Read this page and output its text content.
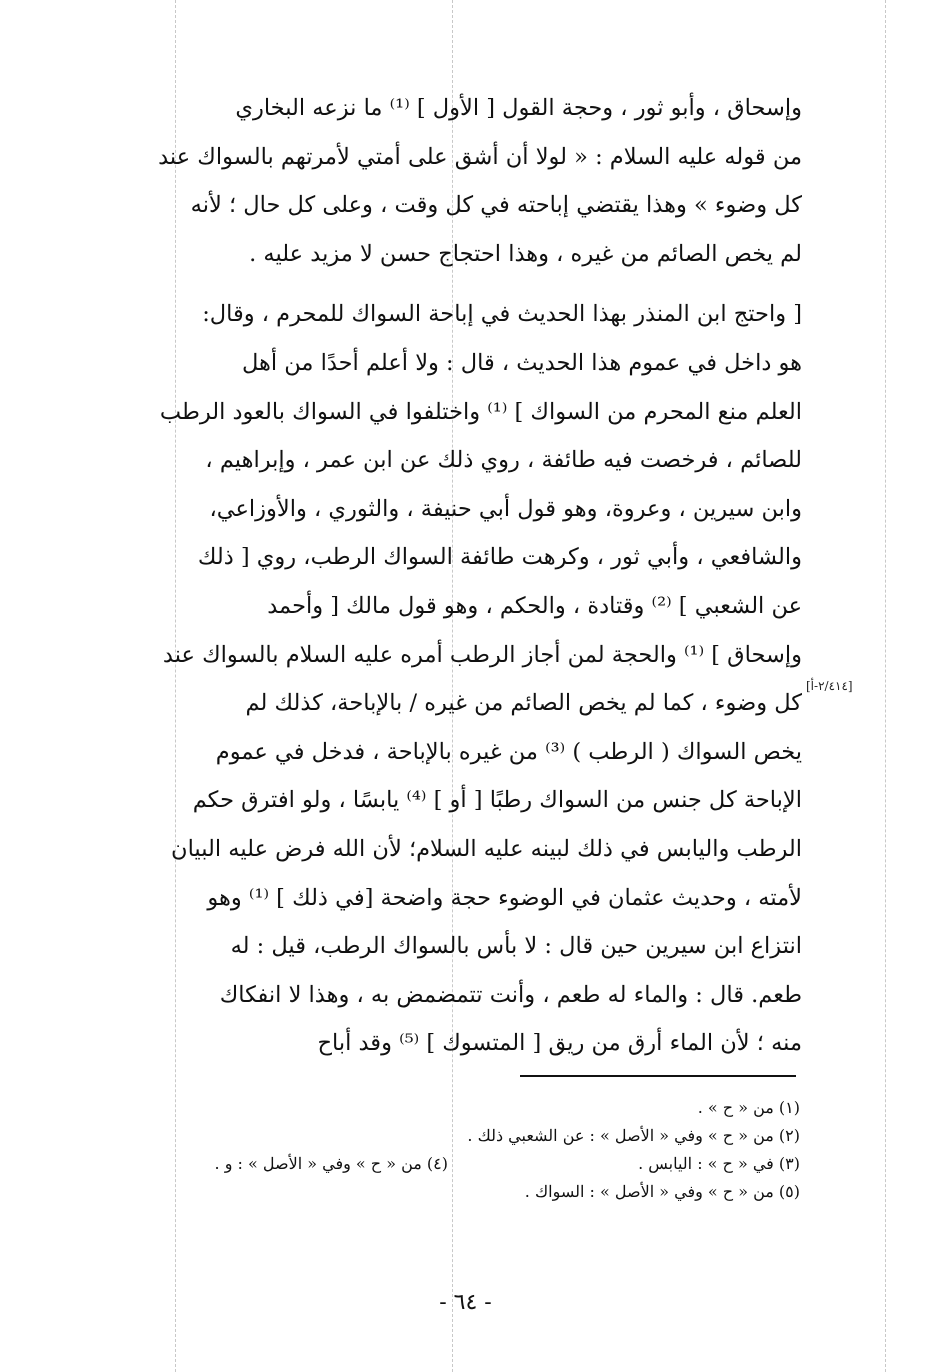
وإسحاق ، وأبو ثور ، وحجة القول [ الأول ] ⁽¹⁾ ما نزعه البخاري
من قوله عليه السلام : « لولا أن أشق على أمتي لأمرتهم بالسواك عند
كل وضوء » وهذا يقتضي إباحته في كل وقت ، وعلى كل حال ؛ لأنه
لم يخص الصائم من غيره ، وهذا احتجاج حسن لا مزيد عليه .

[ واحتج ابن المنذر بهذا الحديث في إباحة السواك للمحرم ، وقال:
هو داخل في عموم هذا الحديث ، قال : ولا أعلم أحدًا من أهل
العلم منع المحرم من السواك ] ⁽¹⁾ واختلفوا في السواك بالعود الرطب
للصائم ، فرخصت فيه طائفة ، روي ذلك عن ابن عمر ، وإبراهيم ،
وابن سيرين ، وعروة، وهو قول أبي حنيفة ، والثوري ، والأوزاعي،
والشافعي ، وأبي ثور ، وكرهت طائفة السواك الرطب، روي [ ذلك
عن الشعبي ] ⁽²⁾ وقتادة ، والحكم ، وهو قول مالك [ وأحمد
وإسحاق ] ⁽¹⁾ والحجة لمن أجاز الرطب أمره عليه السلام بالسواك عند
كل وضوء ، كما لم يخص الصائم من غيره / بالإباحة، كذلك لم
يخص السواك ( الرطب ) ⁽³⁾ من غيره بالإباحة ، فدخل في عموم
الإباحة كل جنس من السواك رطبًا [ أو ] ⁽⁴⁾ يابسًا ، ولو افترق حكم
الرطب واليابس في ذلك لبينه عليه السلام؛ لأن الله فرض عليه البيان
لأمته ، وحديث عثمان في الوضوء حجة واضحة [في ذلك ] ⁽¹⁾ وهو
انتزاع ابن سيرين حين قال : لا بأس بالسواك الرطب، قيل : له
طعم. قال : والماء له طعم ، وأنت تتمضمض به ، وهذا لا انفكاك
منه ؛ لأن الماء أرق من ريق [ المتسوك ] ⁽⁵⁾ وقد أباح

[٢/٤١٤-أ]
(١) من « ح » .
(٢) من « ح » وفي « الأصل » : عن الشعبي ذلك .
(٣) في « ح » : اليابس .
(٤) من « ح » وفي « الأصل » : و .
(٥) من « ح » وفي « الأصل » : السواك .
- ٦٤ -
